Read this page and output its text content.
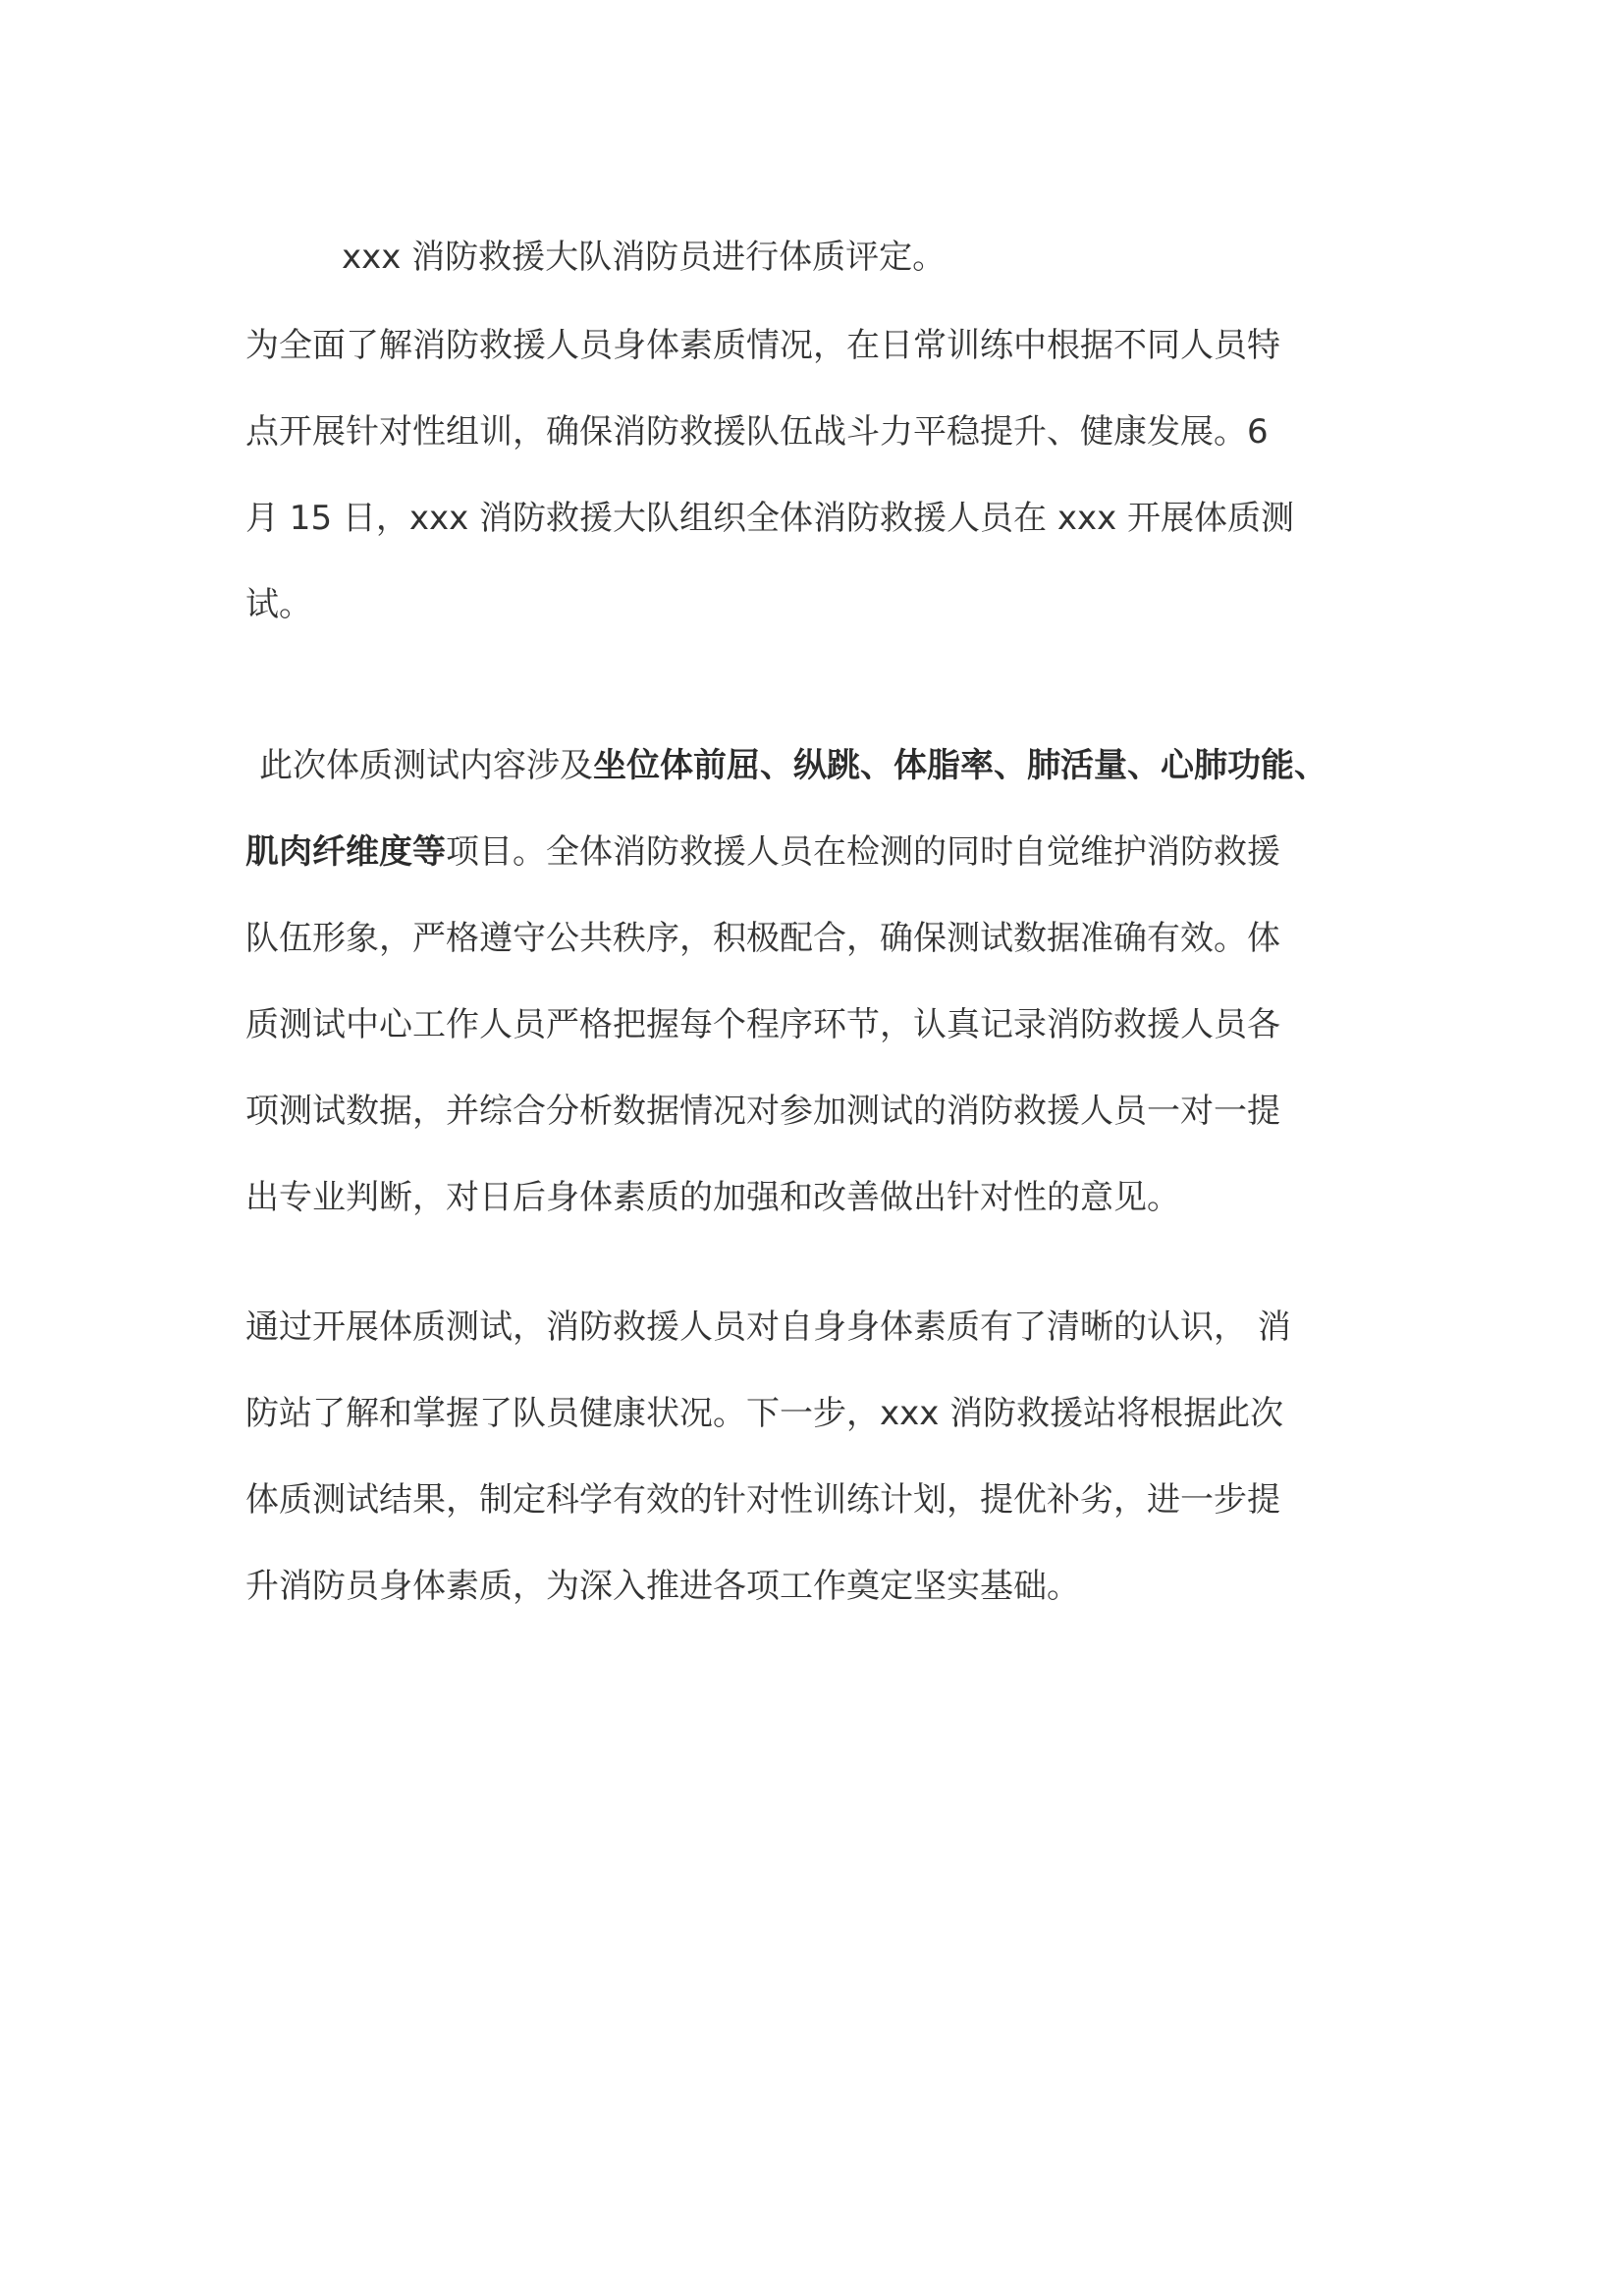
xxx 消防救援大队消防员进行体质评定。

为全面了解消防救援人员身体素质情况，在日常训练中根据不同人员特
点开展针对性组训，确保消防救援队伍战斗力平稳提升、健康发展。6
月 15 日，xxx 消防救援大队组织全体消防救援人员在 xxx 开展体质测
试。
此次体质测试内容涉及坐位体前屈、纵跳、体脂率、肺活量、心肺功能、
肌肉纤维度等项目。全体消防救援人员在检测的同时自觉维护消防救援
队伍形象，严格遵守公共秩序，积极配合，确保测试数据准确有效。体
质测试中心工作人员严格把握每个程序环节，认真记录消防救援人员各
项测试数据，并综合分析数据情况对参加测试的消防救援人员一对一提
出专业判断，对日后身体素质的加强和改善做出针对性的意见。
通过开展体质测试，消防救援人员对自身身体素质有了清晰的认识， 消
防站了解和掌握了队员健康状况。下一步，xxx 消防救援站将根据此次
体质测试结果，制定科学有效的针对性训练计划，提优补劣，进一步提
升消防员身体素质，为深入推进各项工作奠定坚实基础。
